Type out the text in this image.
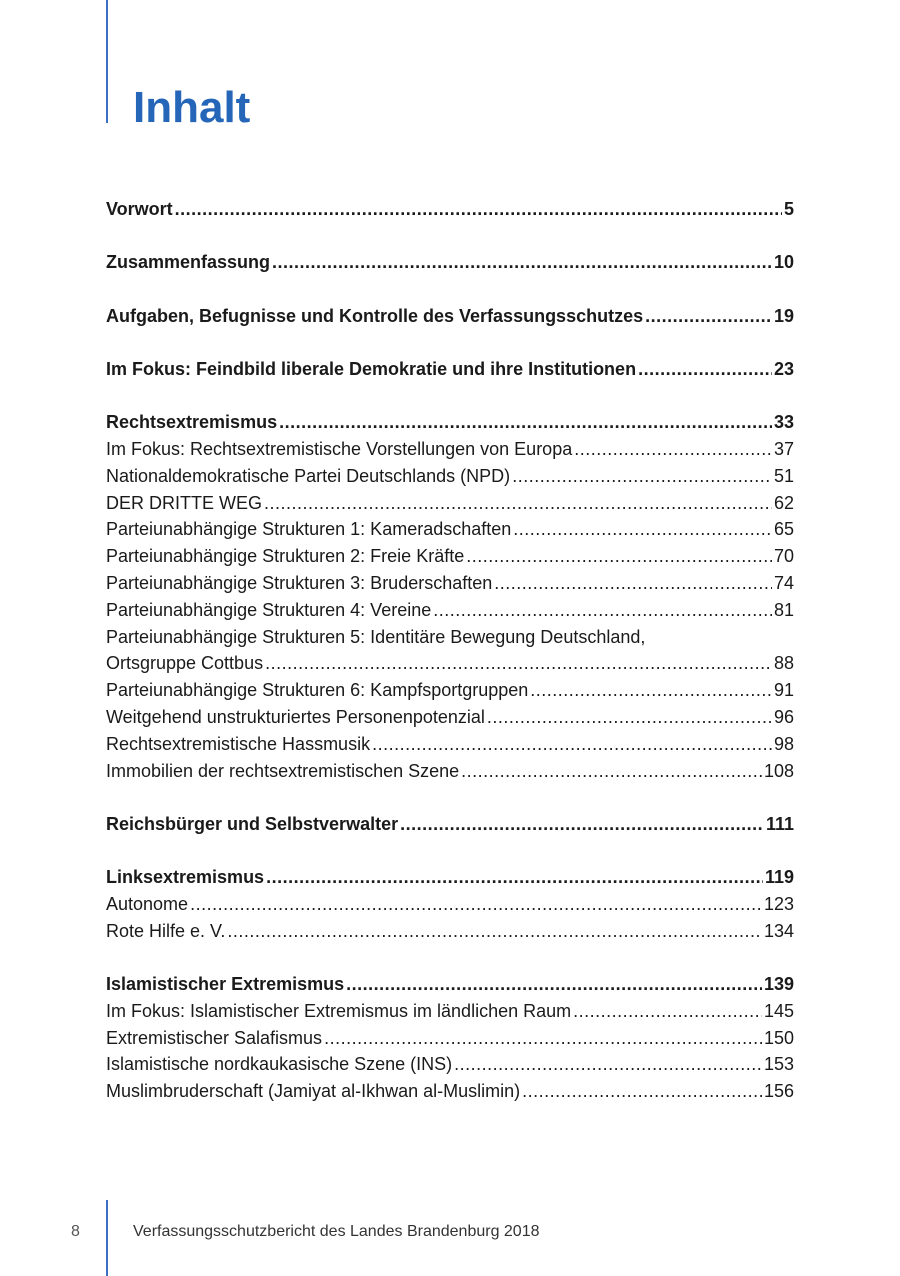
Inhalt
Vorwort .....	5
Zusammenfassung .....	10
Aufgaben, Befugnisse und Kontrolle des Verfassungsschutzes .....	19
Im Fokus: Feindbild liberale Demokratie und ihre Institutionen .....	23
Rechtsextremismus .....	33
Im Fokus: Rechtsextremistische Vorstellungen von Europa .....	37
Nationaldemokratische Partei Deutschlands (NPD) .....	51
DER DRITTE WEG .....	62
Parteiunabhängige Strukturen 1: Kameradschaften .....	65
Parteiunabhängige Strukturen 2: Freie Kräfte .....	70
Parteiunabhängige Strukturen 3: Bruderschaften .....	74
Parteiunabhängige Strukturen 4: Vereine .....	81
Parteiunabhängige Strukturen 5: Identitäre Bewegung Deutschland,
Ortsgruppe Cottbus .....	88
Parteiunabhängige Strukturen 6: Kampfsportgruppen .....	91
Weitgehend unstrukturiertes Personenpotenzial .....	96
Rechtsextremistische Hassmusik .....	98
Immobilien der rechtsextremistischen Szene .....	108
Reichsbürger und Selbstverwalter .....	111
Linksextremismus .....	119
Autonome .....	123
Rote Hilfe e. V. .....	134
Islamistischer Extremismus .....	139
Im Fokus: Islamistischer Extremismus im ländlichen Raum .....	145
Extremistischer Salafismus .....	150
Islamistische nordkaukasische Szene (INS) .....	153
Muslimbruderschaft (Jamiyat al-Ikhwan al-Muslimin) .....	156
8	Verfassungsschutzbericht des Landes Brandenburg 2018
